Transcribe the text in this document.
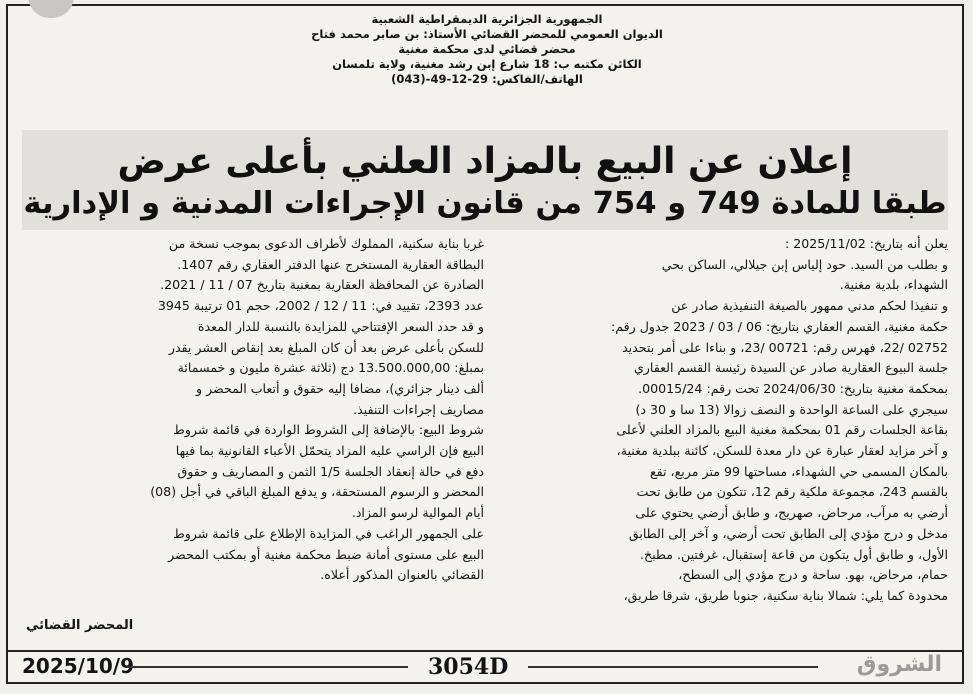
الجمهورية الجزائرية الديمقراطية الشعبية
الديوان العمومي للمحضر القضائي الأستاذ: بن صابر محمد فتاح
محضر قضائي لدى محكمة مغنية
الكائن مكتبه ب: 18 شارع إبن رشد مغنية، ولاية تلمسان
الهاتف/الفاكس: 29-12-49-(043)
إعلان عن البيع بالمزاد العلني بأعلى عرض
طبقا للمادة 749 و 754 من قانون الإجراءات المدنية و الإدارية
يعلن أنه بتاريخ: 2025/11/02 :
و بطلب من السيد. حود إلياس إبن جيلالي، الساكن بحي
الشهداء، بلدية مغنية.
و تنفيذا لحكم مدني ممهور بالصيغة التنفيذية صادر عن
حكمة مغنية، القسم العقاري بتاريخ: 06 / 03 / 2023 جدول رقم:
02752 /22، فهرس رقم: 00721 /23، و بناءا على أمر بتحديد
جلسة البيوع العقارية صادر عن السيدة رئيسة القسم العقاري
بمحكمة مغنية بتاريخ: 2024/06/30 تحت رقم: 00015/24.
سيجري على الساعة الواحدة و النصف زوالا (13 سا و 30 د)
بقاعة الجلسات رقم 01 بمحكمة مغنية البيع بالمزاد العلني لأعلى
و آخر مزايد لعقار عبارة عن دار معدة للسكن، كائنة ببلدية مغنية،
بالمكان المسمى حي الشهداء، مساحتها 99 متر مربع، تقع
بالقسم 243، مجموعة ملكية رقم 12، تتكون من طابق تحت
أرضي به مرآب، مرحاض، صهريج، و طابق أرضي يحتوي على
مدخل و درج مؤدي إلى الطابق تحت أرضي، و آخر إلى الطابق
الأول، و طابق أول يتكون من قاعة إستقبال، غرفتين. مطبخ.
حمام، مرحاض، بهو. ساحة و درج مؤدي إلى السطح،
محدودة كما يلي: شمالا بناية سكنية، جنوبا طريق، شرقا طريق،
غربا بناية سكنية، المملوك لأطراف الدعوى بموجب نسخة من
البطاقة العقارية المستخرج عنها الدفتر العقاري رقم 1407.
الصادرة عن المحافظة العقارية بمغنية بتاريخ 07 / 11 / 2021.
عدد 2393، تقييد في: 11 / 12 / 2002، حجم 01 ترتيبة 3945
و قد حدد السعر الإفتتاحي للمزايدة بالنسبة للدار المعدة
للسكن بأعلى عرض بعد أن كان المبلغ بعد إنقاص العشر يقدر
بمبلغ: 13.500.000,00 دج (ثلاثة عشرة مليون و خمسمائة
ألف دينار جزائري)، مضافا إليه حقوق و أتعاب المحضر و
مصاريف إجراءات التنفيذ.
شروط البيع: بالإضافة إلى الشروط الواردة في قائمة شروط
البيع فإن الراسي عليه المزاد يتحمّل الأعباء القانونية بما فيها
دفع في حالة إنعقاد الجلسة 1/5 الثمن و المصاريف و حقوق
المحضر و الرسوم المستحقة، و يدفع المبلغ الباقي في أجل (08)
أيام الموالية لرسو المزاد.
على الجمهور الراغب في المزايدة الإطلاع على قائمة شروط
البيع على مستوى أمانة ضبط محكمة مغنية أو بمكتب المحضر
القضائي بالعنوان المذكور أعلاه.
المحضر القضائي
2025/10/9	3054D	الشروق
